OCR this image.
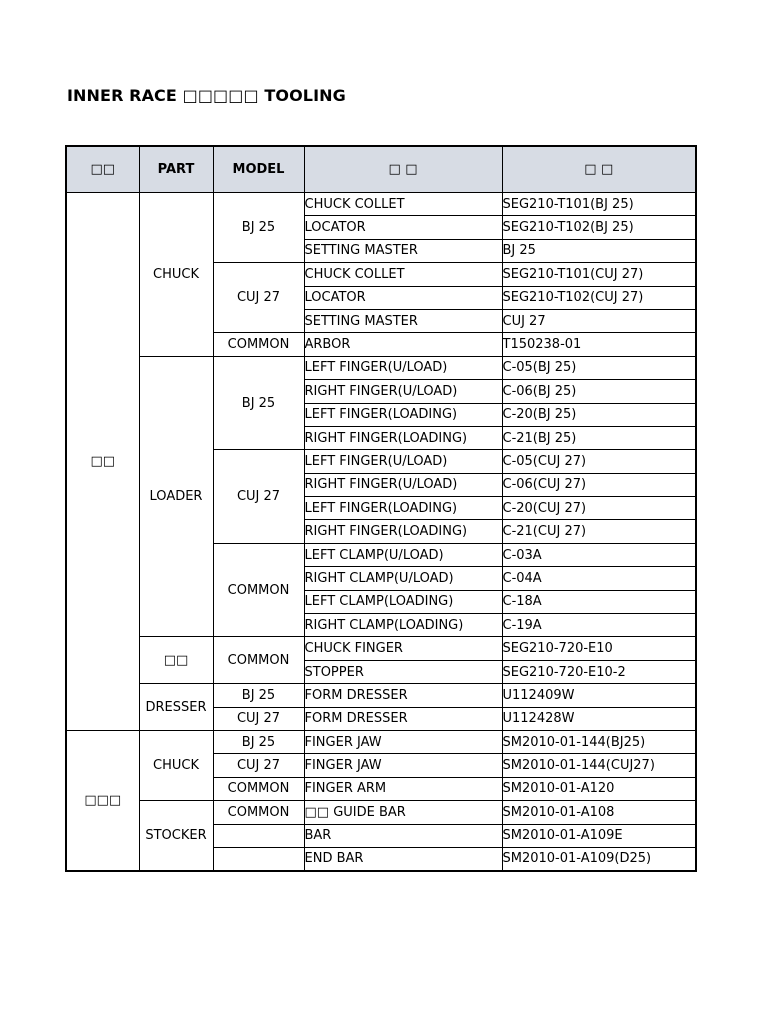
INNER RACE □□□□□ TOOLING
□□	PART	MODEL	□ □	□ □
□□	CHUCK	BJ 25	CHUCK COLLET	SEG210-T101(BJ 25)
			LOCATOR	SEG210-T102(BJ 25)
			SETTING MASTER	BJ 25
		CUJ 27	CHUCK COLLET	SEG210-T101(CUJ 27)
			LOCATOR	SEG210-T102(CUJ 27)
			SETTING MASTER	CUJ 27
		COMMON	ARBOR	T150238-01
	LOADER	BJ 25	LEFT FINGER(U/LOAD)	C-05(BJ 25)
			RIGHT FINGER(U/LOAD)	C-06(BJ 25)
			LEFT FINGER(LOADING)	C-20(BJ 25)
			RIGHT FINGER(LOADING)	C-21(BJ 25)
		CUJ 27	LEFT FINGER(U/LOAD)	C-05(CUJ 27)
			RIGHT FINGER(U/LOAD)	C-06(CUJ 27)
			LEFT FINGER(LOADING)	C-20(CUJ 27)
			RIGHT FINGER(LOADING)	C-21(CUJ 27)
		COMMON	LEFT CLAMP(U/LOAD)	C-03A
			RIGHT CLAMP(U/LOAD)	C-04A
			LEFT CLAMP(LOADING)	C-18A
			RIGHT CLAMP(LOADING)	C-19A
	□□	COMMON	CHUCK FINGER	SEG210-720-E10
			STOPPER	SEG210-720-E10-2
	DRESSER	BJ 25	FORM DRESSER	U112409W
		CUJ 27	FORM DRESSER	U112428W
□□□	CHUCK	BJ 25	FINGER JAW	SM2010-01-144(BJ25)
		CUJ 27	FINGER JAW	SM2010-01-144(CUJ27)
		COMMON	FINGER ARM	SM2010-01-A120
	STOCKER	COMMON	□□ GUIDE BAR	SM2010-01-A108
			BAR	SM2010-01-A109E
			END BAR	SM2010-01-A109(D25)
